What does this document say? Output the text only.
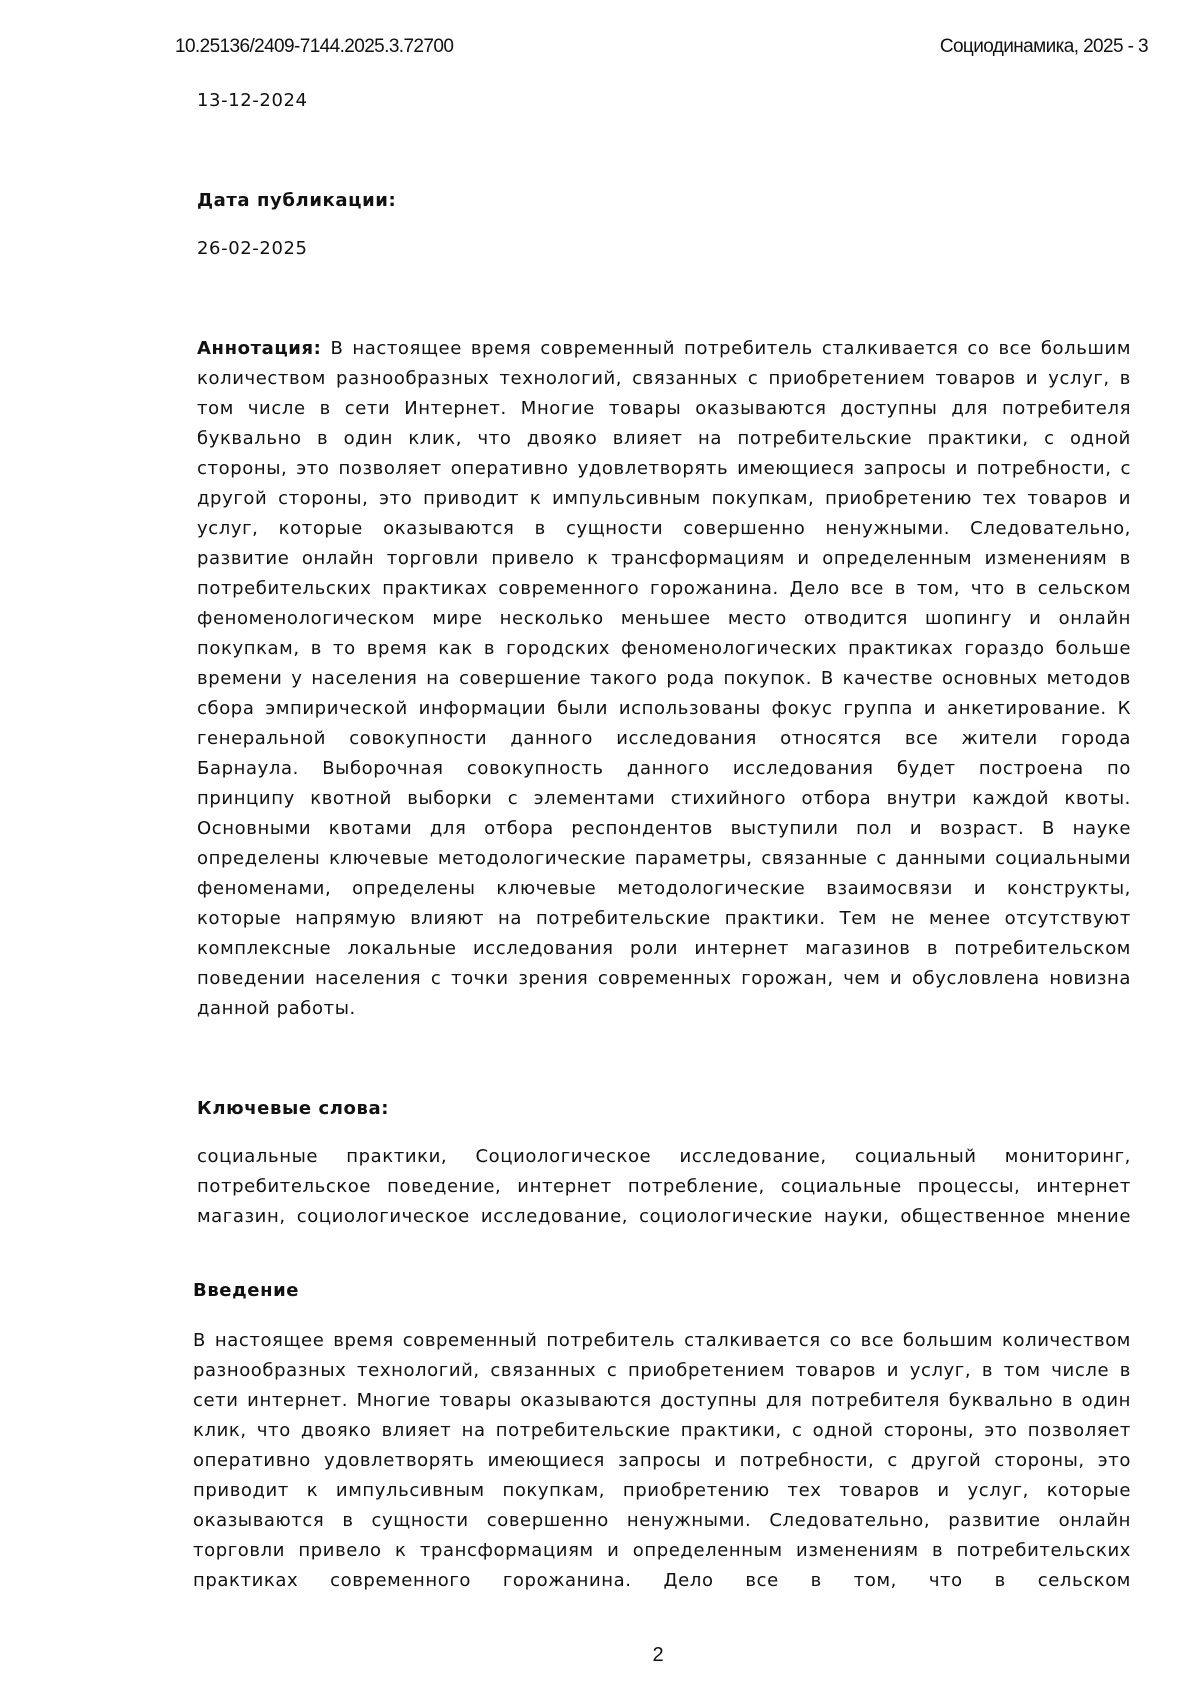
10.25136/2409-7144.2025.3.72700	Социодинамика, 2025 - 3
13-12-2024
Дата публикации:
26-02-2025
Аннотация: В настоящее время современный потребитель сталкивается со все большим
количеством разнообразных технологий, связанных с приобретением товаров и услуг, в
том числе в сети Интернет. Многие товары оказываются доступны для потребителя
буквально в один клик, что двояко влияет на потребительские практики, с одной
стороны, это позволяет оперативно удовлетворять имеющиеся запросы и потребности, с
другой стороны, это приводит к импульсивным покупкам, приобретению тех товаров и
услуг, которые оказываются в сущности совершенно ненужными. Следовательно,
развитие онлайн торговли привело к трансформациям и определенным изменениям в
потребительских практиках современного горожанина. Дело все в том, что в сельском
феноменологическом мире несколько меньшее место отводится шопингу и онлайн
покупкам, в то время как в городских феноменологических практиках гораздо больше
времени у населения на совершение такого рода покупок. В качестве основных методов
сбора эмпирической информации были использованы фокус группа и анкетирование. К
генеральной совокупности данного исследования относятся все жители города
Барнаула. Выборочная совокупность данного исследования будет построена по
принципу квотной выборки с элементами стихийного отбора внутри каждой квоты.
Основными квотами для отбора респондентов выступили пол и возраст. В науке
определены ключевые методологические параметры, связанные с данными социальными
феноменами, определены ключевые методологические взаимосвязи и конструкты,
которые напрямую влияют на потребительские практики. Тем не менее отсутствуют
комплексные локальные исследования роли интернет магазинов в потребительском
поведении населения с точки зрения современных горожан, чем и обусловлена новизна
данной работы.
Ключевые слова:
социальные практики, Социологическое исследование, социальный мониторинг,
потребительское поведение, интернет потребление, социальные процессы, интернет
магазин, социологическое исследование, социологические науки, общественное мнение
Введение
В настоящее время современный потребитель сталкивается со все большим количеством
разнообразных технологий, связанных с приобретением товаров и услуг, в том числе в
сети интернет. Многие товары оказываются доступны для потребителя буквально в один
клик, что двояко влияет на потребительские практики, с одной стороны, это позволяет
оперативно удовлетворять имеющиеся запросы и потребности, с другой стороны, это
приводит к импульсивным покупкам, приобретению тех товаров и услуг, которые
оказываются в сущности совершенно ненужными. Следовательно, развитие онлайн
торговли привело к трансформациям и определенным изменениям в потребительских
практиках современного горожанина. Дело все в том, что в сельском
2
